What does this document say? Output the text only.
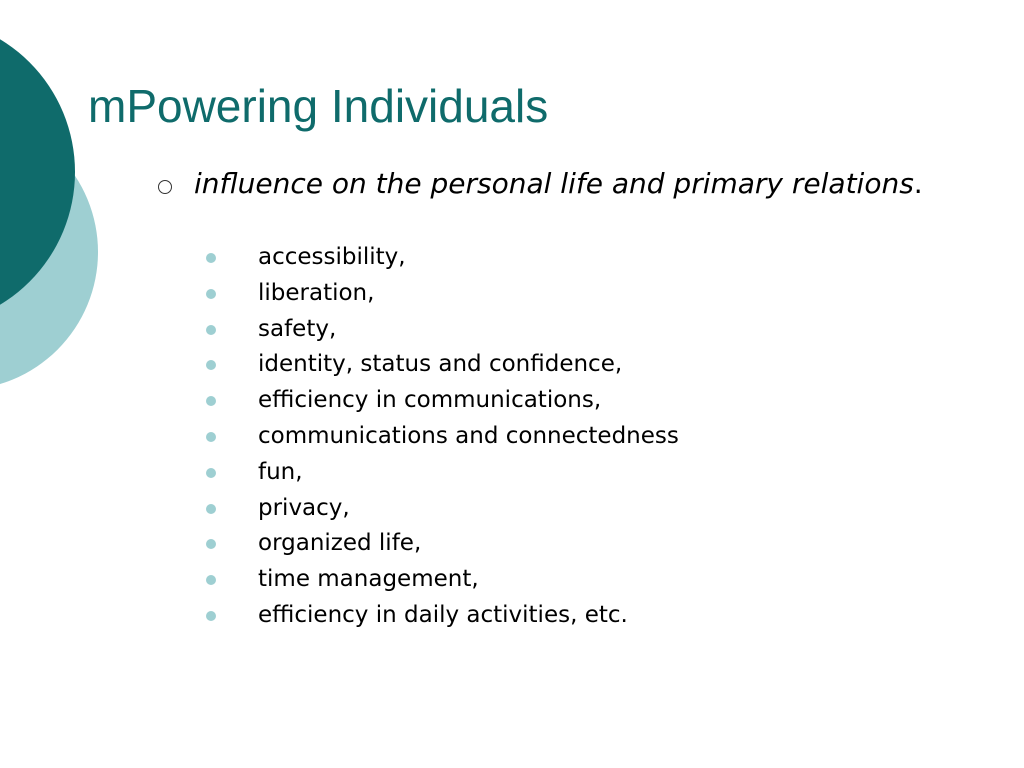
mPowering Individuals

influence on the personal life and primary relations.

accessibility,
liberation,
safety,
identity, status and confidence,
efficiency in communications,
communications and connectedness
fun,
privacy,
organized life,
time management,
efficiency in daily activities, etc.
